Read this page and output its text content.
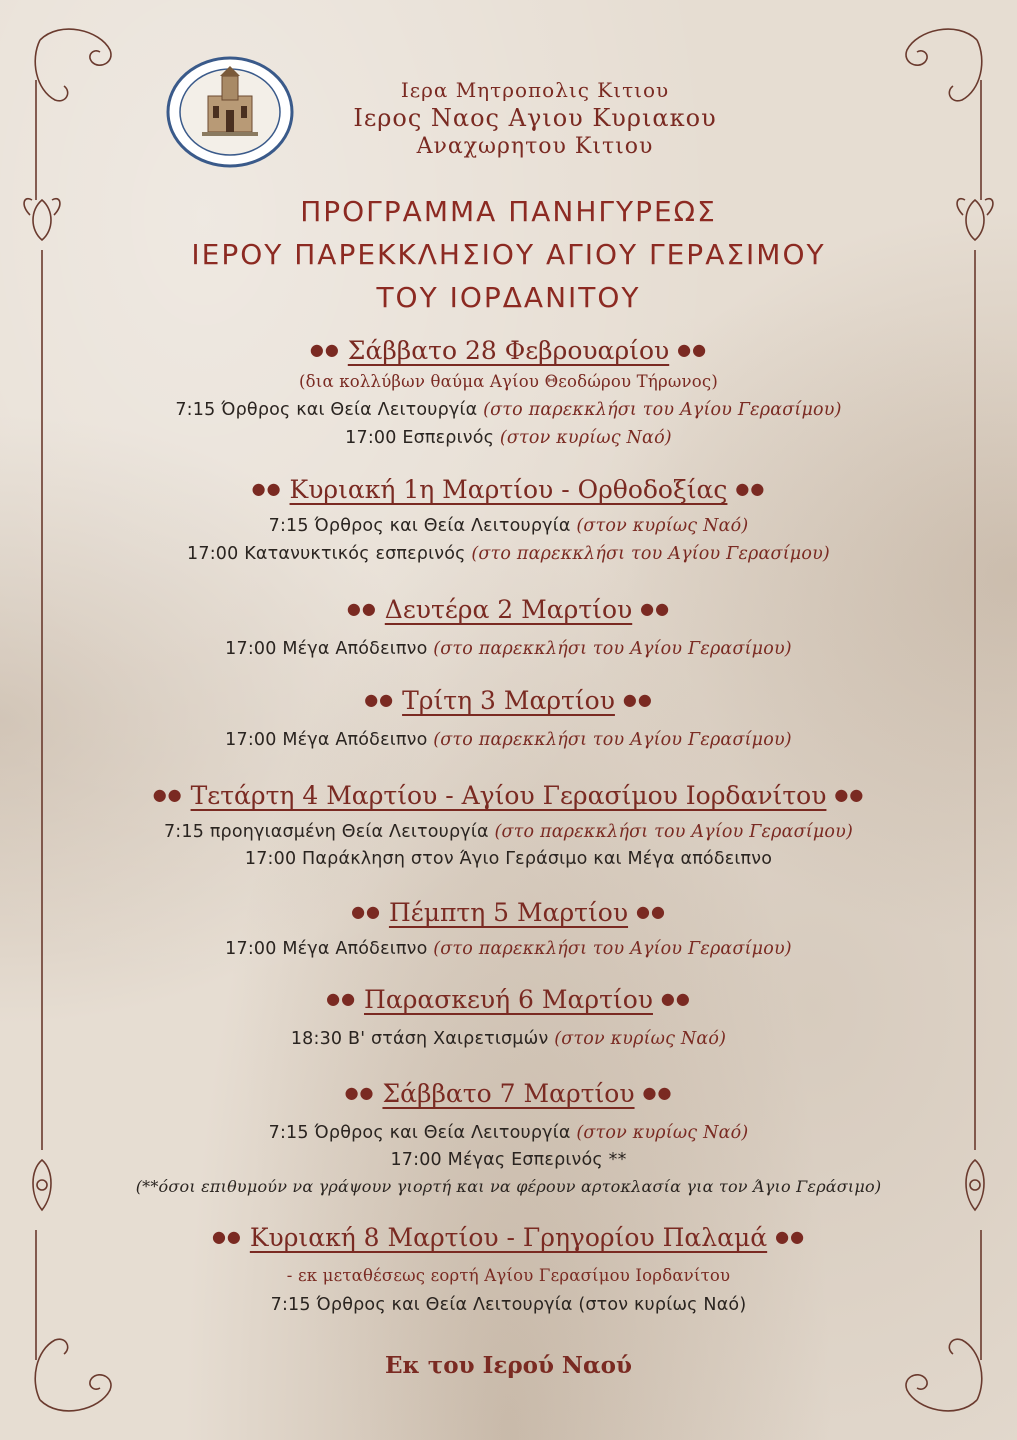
Ιερα Μητροπολις Κιτιου
Ιερος Ναος Αγιου Κυριακου
Αναχωρητου Κιτιου
ΠΡΟΓΡΑΜΜΑ ΠΑΝΗΓΥΡΕΩΣ
ΙΕΡΟΥ ΠΑΡΕΚΚΛΗΣΙΟΥ ΑΓΙΟΥ ΓΕΡΑΣΙΜΟΥ
ΤΟΥ ΙΟΡΔΑΝΙΤΟΥ
●● Σάββατο 28 Φεβρουαρίου ●●
(δια κολλύβων θαύμα Αγίου Θεοδώρου Τήρωνος)
7:15 Όρθρος και Θεία Λειτουργία (στο παρεκκλήσι του Αγίου Γερασίμου)
17:00 Εσπερινός (στον κυρίως Ναό)
●● Κυριακή 1η Μαρτίου - Ορθοδοξίας ●●
7:15 Όρθρος και Θεία Λειτουργία (στον κυρίως Ναό)
17:00 Κατανυκτικός εσπερινός (στο παρεκκλήσι του Αγίου Γερασίμου)
●● Δευτέρα 2 Μαρτίου ●●
17:00 Μέγα Απόδειπνο (στο παρεκκλήσι του Αγίου Γερασίμου)
●● Τρίτη 3 Μαρτίου ●●
17:00 Μέγα Απόδειπνο (στο παρεκκλήσι του Αγίου Γερασίμου)
●● Τετάρτη 4 Μαρτίου - Αγίου Γερασίμου Ιορδανίτου ●●
7:15 προηγιασμένη Θεία Λειτουργία (στο παρεκκλήσι του Αγίου Γερασίμου)
17:00 Παράκληση στον Άγιο Γεράσιμο και Μέγα απόδειπνο
●● Πέμπτη 5 Μαρτίου ●●
17:00 Μέγα Απόδειπνο (στο παρεκκλήσι του Αγίου Γερασίμου)
●● Παρασκευή 6 Μαρτίου ●●
18:30 Β' στάση Χαιρετισμών (στον κυρίως Ναό)
●● Σάββατο 7 Μαρτίου ●●
7:15 Όρθρος και Θεία Λειτουργία (στον κυρίως Ναό)
17:00 Μέγας Εσπερινός **
(**όσοι επιθυμούν να γράψουν γιορτή και να φέρουν αρτοκλασία για τον Άγιο Γεράσιμο)
●● Κυριακή 8 Μαρτίου - Γρηγορίου Παλαμά ●●
- εκ μεταθέσεως εορτή Αγίου Γερασίμου Ιορδανίτου
7:15 Όρθρος και Θεία Λειτουργία (στον κυρίως Ναό)
Εκ του Ιερού Ναού
